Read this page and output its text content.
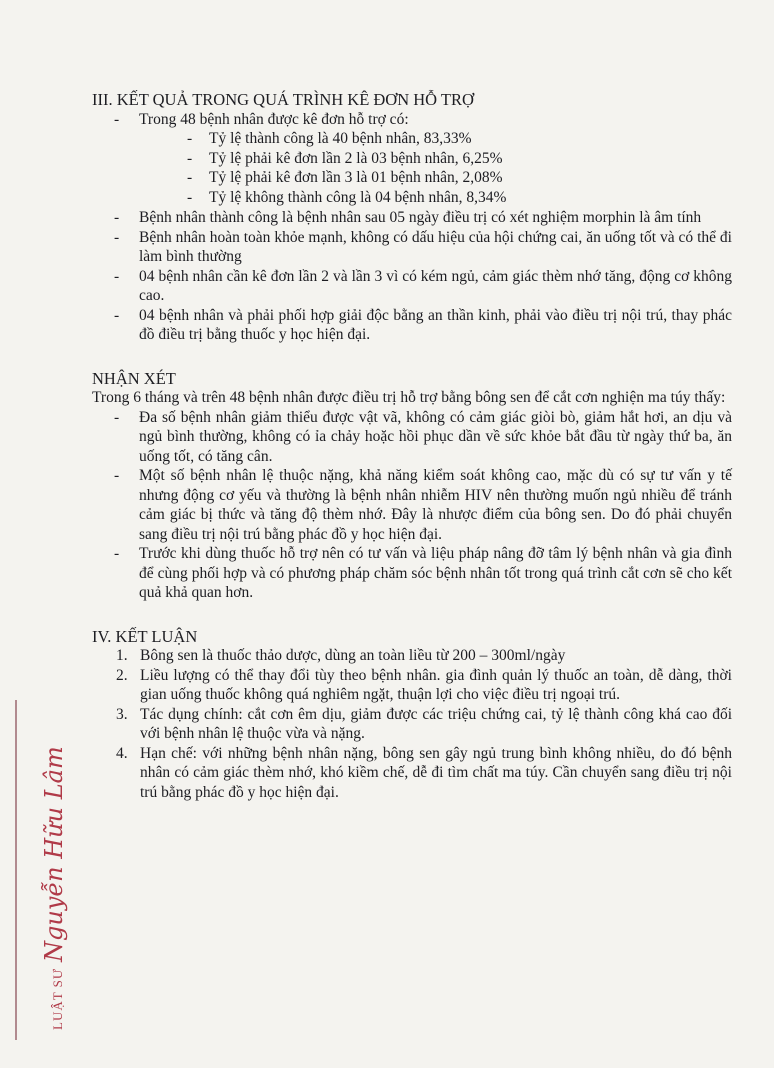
LUẬT SƯNguyễn Hữu Lâm
III. KẾT QUẢ TRONG QUÁ TRÌNH KÊ ĐƠN HỖ TRỢ
-	Trong 48 bệnh nhân được kê đơn hỗ trợ có:
-	Tỷ lệ thành công là 40 bệnh nhân, 83,33%
-	Tỷ lệ phải kê đơn lần 2 là 03 bệnh nhân, 6,25%
-	Tỷ lệ phải kê đơn lần 3 là 01 bệnh nhân, 2,08%
-	Tỷ lệ không thành công là 04 bệnh nhân, 8,34%
-	Bệnh nhân thành công là bệnh nhân sau 05 ngày điều trị có xét nghiệm morphin là âm tính
-	Bệnh nhân hoàn toàn khỏe mạnh, không có dấu hiệu của hội chứng cai, ăn uống tốt và có thể đi làm bình thường
-	04 bệnh nhân cần kê đơn lần 2 và lần 3 vì có kém ngủ, cảm giác thèm nhớ tăng, động cơ không cao.
-	04 bệnh nhân và phải phối hợp giải độc bằng an thần kinh, phải vào điều trị nội trú, thay phác đồ điều trị bằng thuốc y học hiện đại.
NHẬN XÉT
Trong 6 tháng và trên 48 bệnh nhân được điều trị hỗ trợ bằng bông sen để cắt cơn nghiện ma túy thấy:
-	Đa số bệnh nhân giảm thiểu được vật vã, không có cảm giác giòi bò, giảm hắt hơi, an dịu và ngủ bình thường, không có ỉa chảy hoặc hồi phục dần về sức khỏe bắt đầu từ ngày thứ ba, ăn uống tốt, có tăng cân.
-	Một số bệnh nhân lệ thuộc nặng, khả năng kiểm soát không cao, mặc dù có sự tư vấn y tế nhưng động cơ yếu và thường là bệnh nhân nhiễm HIV nên thường muốn ngủ nhiều để tránh cảm giác bị thức và tăng độ thèm nhớ. Đây là nhược điểm của bông sen. Do đó phải chuyển sang điều trị nội trú bằng phác đồ y học hiện đại.
-	Trước khi dùng thuốc hỗ trợ nên có tư vấn và liệu pháp nâng đỡ tâm lý bệnh nhân và gia đình để cùng phối hợp và có phương pháp chăm sóc bệnh nhân tốt trong quá trình cắt cơn sẽ cho kết quả khả quan hơn.
IV. KẾT LUẬN
1. Bông sen là thuốc thảo dược, dùng an toàn liều từ 200 – 300ml/ngày
2. Liều lượng có thể thay đổi tùy theo bệnh nhân. gia đình quản lý thuốc an toàn, dễ dàng, thời gian uống thuốc không quá nghiêm ngặt, thuận lợi cho việc điều trị ngoại trú.
3. Tác dụng chính: cắt cơn êm dịu, giảm được các triệu chứng cai, tỷ lệ thành công khá cao đối với bệnh nhân lệ thuộc vừa và nặng.
4. Hạn chế: với những bệnh nhân nặng, bông sen gây ngủ trung bình không nhiều, do đó bệnh nhân có cảm giác thèm nhớ, khó kiềm chế, dễ đi tìm chất ma túy. Cần chuyển sang điều trị nội trú bằng phác đồ y học hiện đại.
